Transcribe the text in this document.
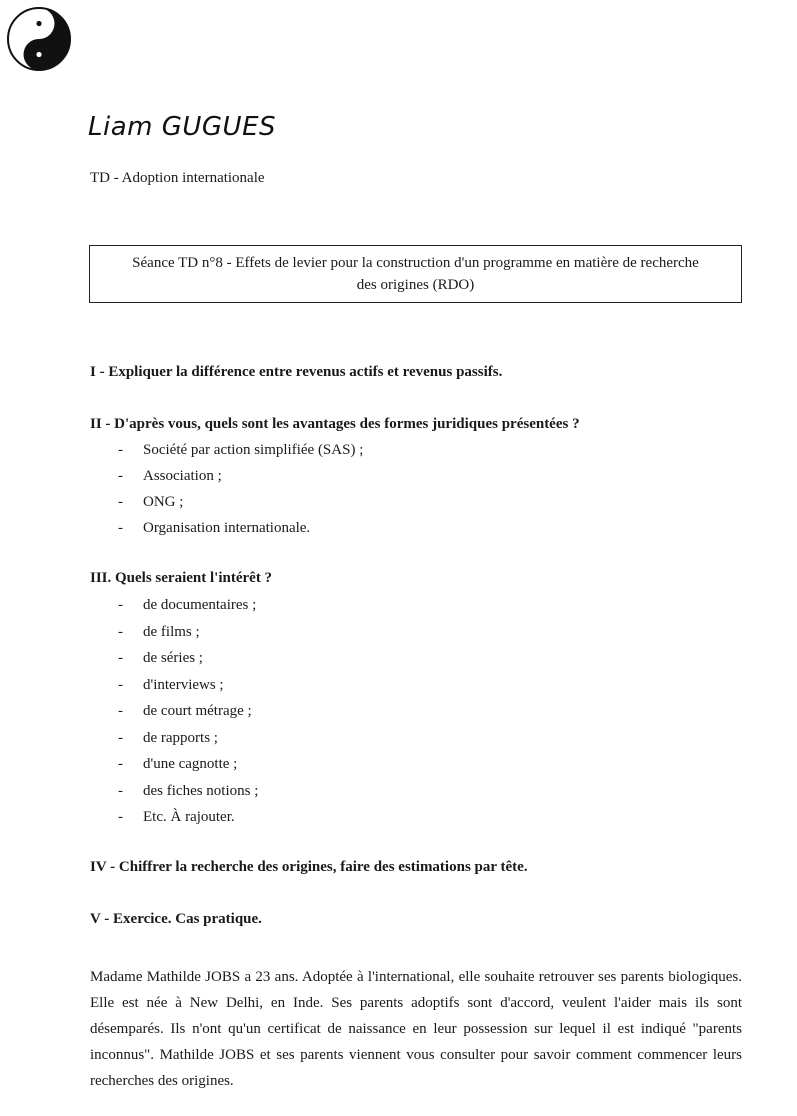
Liam GUGUES
TD - Adoption internationale
Séance TD n°8 - Effets de levier pour la construction d'un programme en matière de recherche
des origines (RDO)
I - Expliquer la différence entre revenus actifs et revenus passifs.
II - D'après vous, quels sont les avantages des formes juridiques présentées ?
-	Société par action simplifiée (SAS) ;
-	Association ;
-	ONG ;
-	Organisation internationale.
III. Quels seraient l'intérêt ?
-	de documentaires ;
-	de films ;
-	de séries ;
-	d'interviews ;
-	de court métrage ;
-	de rapports ;
-	d'une cagnotte ;
-	des fiches notions ;
-	Etc. À rajouter.
IV - Chiffrer la recherche des origines, faire des estimations par tête.
V - Exercice. Cas pratique.

Madame Mathilde JOBS a 23 ans. Adoptée à l'international, elle souhaite retrouver ses parents biologiques. Elle est née à New Delhi, en Inde. Ses parents adoptifs sont d'accord, veulent l'aider mais ils sont désemparés. Ils n'ont qu'un certificat de naissance en leur possession sur lequel il est indiqué "parents inconnus". Mathilde JOBS et ses parents viennent vous consulter pour savoir comment commencer leurs recherches des origines.
